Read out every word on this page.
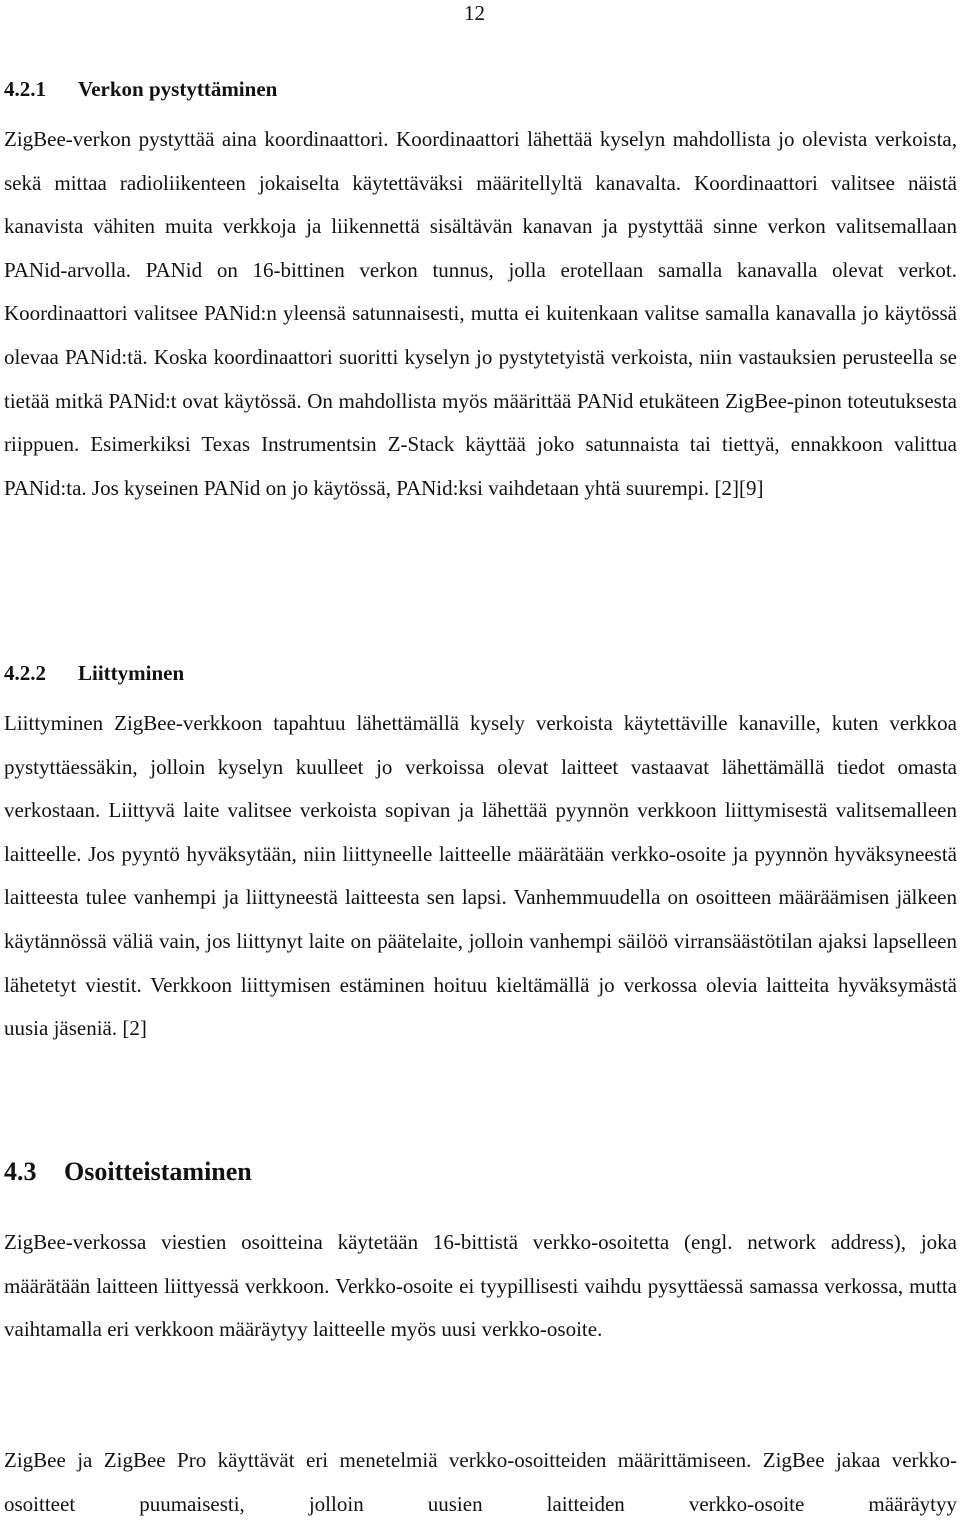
12
4.2.1 Verkon pystyttäminen

ZigBee-verkon pystyttää aina koordinaattori. Koordinaattori lähettää kyselyn mahdollista jo olevista verkoista, sekä mittaa radioliikenteen jokaiselta käytettäväksi määritellyltä kanavalta. Koordinaattori valitsee näistä kanavista vähiten muita verkkoja ja liikennettä sisältävän kanavan ja pystyttää sinne verkon valitsemallaan PANid-arvolla. PANid on 16-bittinen verkon tunnus, jolla erotellaan samalla kanavalla olevat verkot. Koordinaattori valitsee PANid:n yleensä satunnaisesti, mutta ei kuitenkaan valitse samalla kanavalla jo käytössä olevaa PANid:tä. Koska koordinaattori suoritti kyselyn jo pystytetyistä verkoista, niin vastauksien perusteella se tietää mitkä PANid:t ovat käytössä. On mahdollista myös määrittää PANid etukäteen ZigBee-pinon toteutuksesta riippuen. Esimerkiksi Texas Instrumentsin Z-Stack käyttää joko satunnaista tai tiettyä, ennakkoon valittua PANid:ta. Jos kyseinen PANid on jo käytössä, PANid:ksi vaihdetaan yhtä suurempi. [2][9]

4.2.2 Liittyminen

Liittyminen ZigBee-verkkoon tapahtuu lähettämällä kysely verkoista käytettäville kanaville, kuten verkkoa pystyttäessäkin, jolloin kyselyn kuulleet jo verkoissa olevat laitteet vastaavat lähettämällä tiedot omasta verkostaan. Liittyvä laite valitsee verkoista sopivan ja lähettää pyynnön verkkoon liittymisestä valitsemalleen laitteelle. Jos pyyntö hyväksytään, niin liittyneelle laitteelle määrätään verkko-osoite ja pyynnön hyväksyneestä laitteesta tulee vanhempi ja liittyneestä laitteesta sen lapsi. Vanhemmuudella on osoitteen määräämisen jälkeen käytännössä väliä vain, jos liittynyt laite on päätelaite, jolloin vanhempi säilöö virransäästötilan ajaksi lapselleen lähetetyt viestit. Verkkoon liittymisen estäminen hoituu kieltämällä jo verkossa olevia laitteita hyväksymästä uusia jäseniä. [2]

4.3 Osoitteistaminen

ZigBee-verkossa viestien osoitteina käytetään 16-bittistä verkko-osoitetta (engl. network address), joka määrätään laitteen liittyessä verkkoon. Verkko-osoite ei tyypillisesti vaihdu pysyttäessä samassa verkossa, mutta vaihtamalla eri verkkoon määräytyy laitteelle myös uusi verkko-osoite.

ZigBee ja ZigBee Pro käyttävät eri menetelmiä verkko-osoitteiden määrittämiseen. ZigBee jakaa verkko-osoitteet puumaisesti, jolloin uusien laitteiden verkko-osoite määräytyy
